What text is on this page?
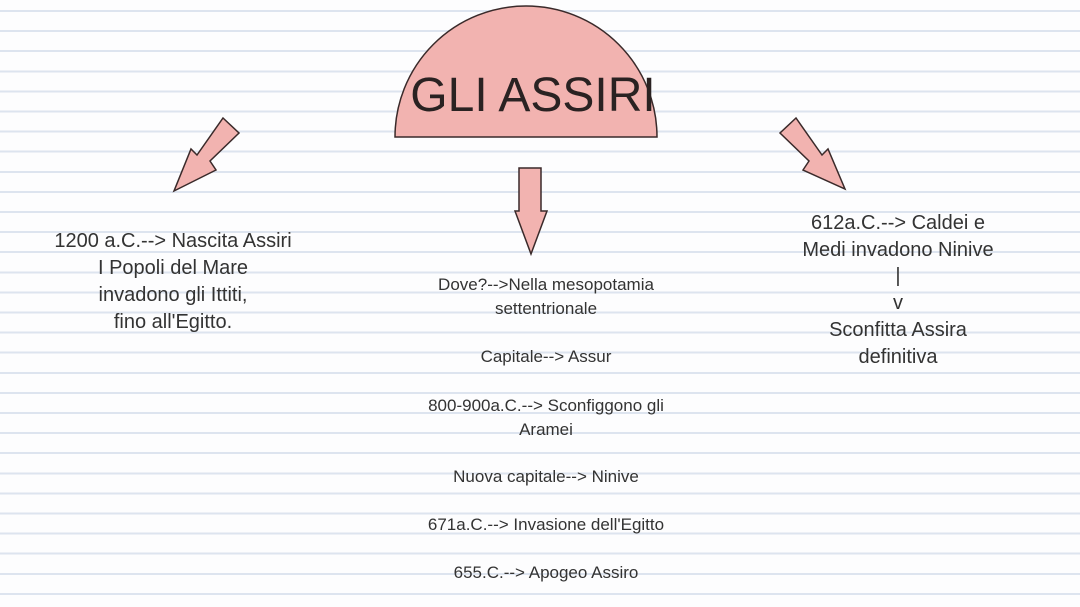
GLI ASSIRI
1200 a.C.--> Nascita Assiri
I Popoli del Mare
invadono gli Ittiti,
fino all'Egitto.
Dove?-->Nella mesopotamia
settentrionale
Capitale--> Assur
800-900a.C.--> Sconfiggono gli
Aramei
Nuova capitale--> Ninive
671a.C.--> Invasione dell'Egitto
655.C.--> Apogeo Assiro
612a.C.--> Caldei e
Medi invadono Ninive
|
v
Sconfitta Assira
definitiva
